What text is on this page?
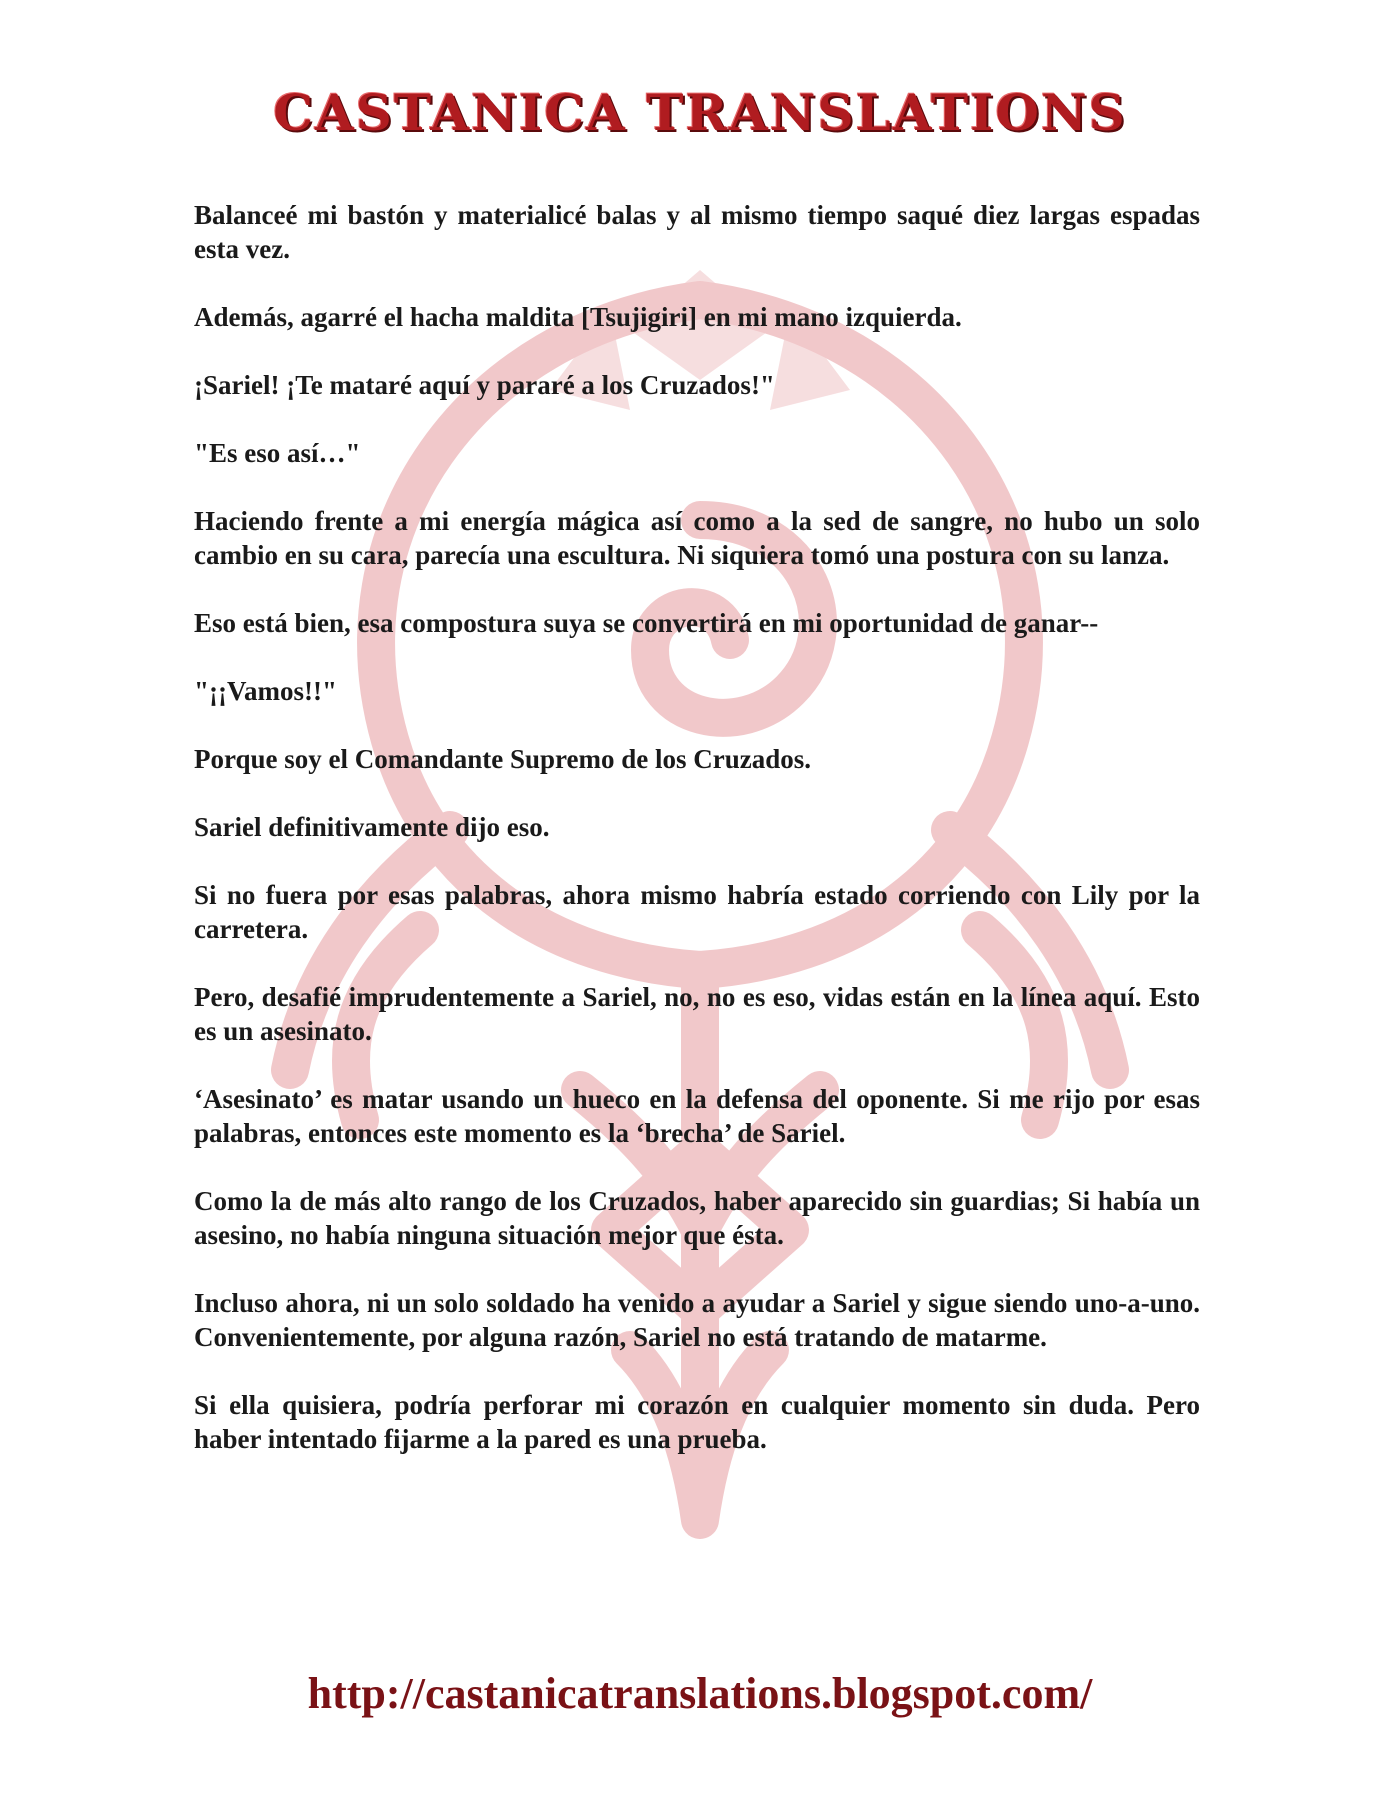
CASTANICA TRANSLATIONS

Balanceé mi bastón y materialicé balas y al mismo tiempo saqué diez largas espadas esta vez.

Además, agarré el hacha maldita [Tsujigiri] en mi mano izquierda.

¡Sariel! ¡Te mataré aquí y pararé a los Cruzados!"

"Es eso así…"

Haciendo frente a mi energía mágica así como a la sed de sangre, no hubo un solo cambio en su cara, parecía una escultura. Ni siquiera tomó una postura con su lanza.

Eso está bien, esa compostura suya se convertirá en mi oportunidad de ganar--

"¡¡Vamos!!"

Porque soy el Comandante Supremo de los Cruzados.

Sariel definitivamente dijo eso.

Si no fuera por esas palabras, ahora mismo habría estado corriendo con Lily por la carretera.

Pero, desafié imprudentemente a Sariel, no, no es eso, vidas están en la línea aquí. Esto es un asesinato.

‘Asesinato’ es matar usando un hueco en la defensa del oponente. Si me rijo por esas palabras, entonces este momento es la ‘brecha’ de Sariel.

Como la de más alto rango de los Cruzados, haber aparecido sin guardias; Si había un asesino, no había ninguna situación mejor que ésta.

Incluso ahora, ni un solo soldado ha venido a ayudar a Sariel y sigue siendo uno-a-uno. Convenientemente, por alguna razón, Sariel no está tratando de matarme.

Si ella quisiera, podría perforar mi corazón en cualquier momento sin duda. Pero haber intentado fijarme a la pared es una prueba.

http://castanicatranslations.blogspot.com/
